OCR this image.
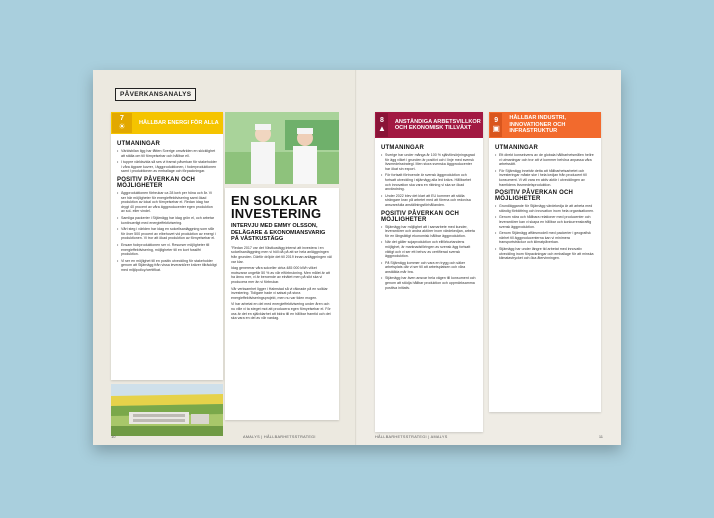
PÅVERKANSANALYS
7
☀	HÅLLBAR ENERGI FÖR ALLA
UTMANINGAR
• Världsbilan ligg har fåtten Sverige omvärlden en skicklighet att ställa om till förnyelsebar och hållbar ell.
• I tuppre världsvida så ses vi framst påverkan för stakeholder i våra ägpare kuvrer, i äggproduktionen, i foderproduktionen samt i produktionen av emballage och förpackningar.
POSITIV PÅVERKAN OCH MÖJLIGHETER
• Äggproduktionen förbrukar ca 28 kwh per höna och år. Vi ser här möjligheter för energieffektivisering samt ökad produktion av lokal och förnyelsebar el. Redan idag har drygt 40 procent av våra äggproducenter egen produktion av sol- eller vindel.
• Samliga packerier i Stjärnägg har idag grön el, och arbetar kontinuerligt med energieffektivisering.
• Vårt steg i världen har idag en solcellsanläggning som står för över 500 procent av elbehovet vid produktion av energi i produktionen. Vi tror att ökad produktion av förnyelsebar el.
• Ensam fodrproduktionen ser vi. Resurser möjligheter till energieffektivisering, möjligheter till en kort fossilfri produktion.
• Vi ser en möjlighet till en positiv utveckling för stakeholder genom att Stjärnägg från vissa leverantörer kräver tillräckligt med miljöpolicy/certifikat.
EN SOLKLAR INVESTERING
INTERVJU MED EMMY OLSSON, DELÄGARE & EKONOMIANSVARIG PÅ VÄSTKUSTÄGG
"Redan 2017 var det Västkustägg intenst att investera i en solcellsanläggning men vi höll då på att se hela anläggningen från grunden. Därför dröjde det till 2019 innan anläggningen väl var klar.
Idag genererar våra solceller cirka 485 000 kWh vilket motsvarar ungefär 50 % av vår elförbrukning. Men målet är att ha ännu mer, vi är beroende av elnätet men på sikt ska vi producera mer än vi förbrukar.
Vår verksamhet ligger i Halmstad så vi räknade på en solklar investering. Tidigare hade vi satsat på stora energieffektiviseringsprojekt, men nu var tiden mogen.
Vi har arbetat en del med energieffektivisering under åren och nu ville vi ta steget mot att producera egen förnyelsebar el. För oss är det en självklarhet att bidra till en hållbar framtid och det ska vara en del av vår vardag.
10	AMALYS | HÅLLBARHETSSTRATEGI
8
▲
ANSTÄNDIGA ARBETSVILLKOR OCH EKONOMISK TILLVÄXT
UTMANINGAR
• Sverige har under många år 100 % självförsörjningsgrad för ägg vilket i grunden är positivt och i linje med svensk livsmedelsstrategi. Men stora svenska äggproducenter har ökat sin export.
• För fortsatt förtroende är svensk äggproduktion och fortsatt utveckling i stjärnägg alla led krävs. Hållbarhet och innovation ska vara en riktning vi ska se ökad användning.
• Under 2022 blev det klart att EU kommer att ställa strängare krav på arbetet med att förena och redovisa ansvarsfulla anställningsförhållanden.
POSITIV PÅVERKAN OCH MÖJLIGHETER
• Stjärnägg har möjlighet att i samarbete med kunder, leverantörer och andra aktörer inom värdekedjan, arbeta för en långsiktigt ekonomisk hållbar äggproduktion.
• När det gäller sojaproduktion och ellförkurtandens möjlighet, är marknadsföringen av svensk ägg fortsatt viktigt och vi ser ett behov av certifierad svensk äggproduktion.
• På Stjärnägg kommer och vara en trygg och säker arbetsplats där vi ser till att arbetsplatsen och våra anställda mår bra.
• Stjärnägg har även ansvar hela vägen till konsument och genom att stödja hållbar produktion och uppmärksamma positiva initiativ.
9
▣
HÅLLBAR INDUSTRI, INNOVATIONER OCH INFRASTRUKTUR
UTMANINGAR
• Ett direkt konsekvens av de globala hållbarhetsmålen hellre vi utmaningar och tror att vi kommer behöva anpassa våra arbetssätt.
• För Stjärnägg innebär detta att hållbarhetsarbetet och investeringar måste ske i hela kedjan från producent till konsument. Vi vill vara en aktiv aktör i utvecklingen av framtidens livsmedelsproduktion.
POSITIV PÅVERKAN OCH MÖJLIGHETER
• Grundläggande för Stjärnägg värdekedja är att arbeta med ständig förbättring och innovation inom hela organisationen.
• Genom nära och hållbara relationer med producenter och leverantörer kan vi skapa en hållbar och konkurrenskraftig svensk äggproduktion.
• Genom Stjärnägg affärsmodell med packerier i geografisk närhet till äggproducenterna kan vi minimera transportsträckor och klimatpåverkan.
• Stjärnägg har under längre tid arbetat med innovativ utveckling inom förpackningar och emballage för att minska klimatavtrycket och öka återvinningen.
HÅLLBARHETSSTRATEGI | AMALYS	11
